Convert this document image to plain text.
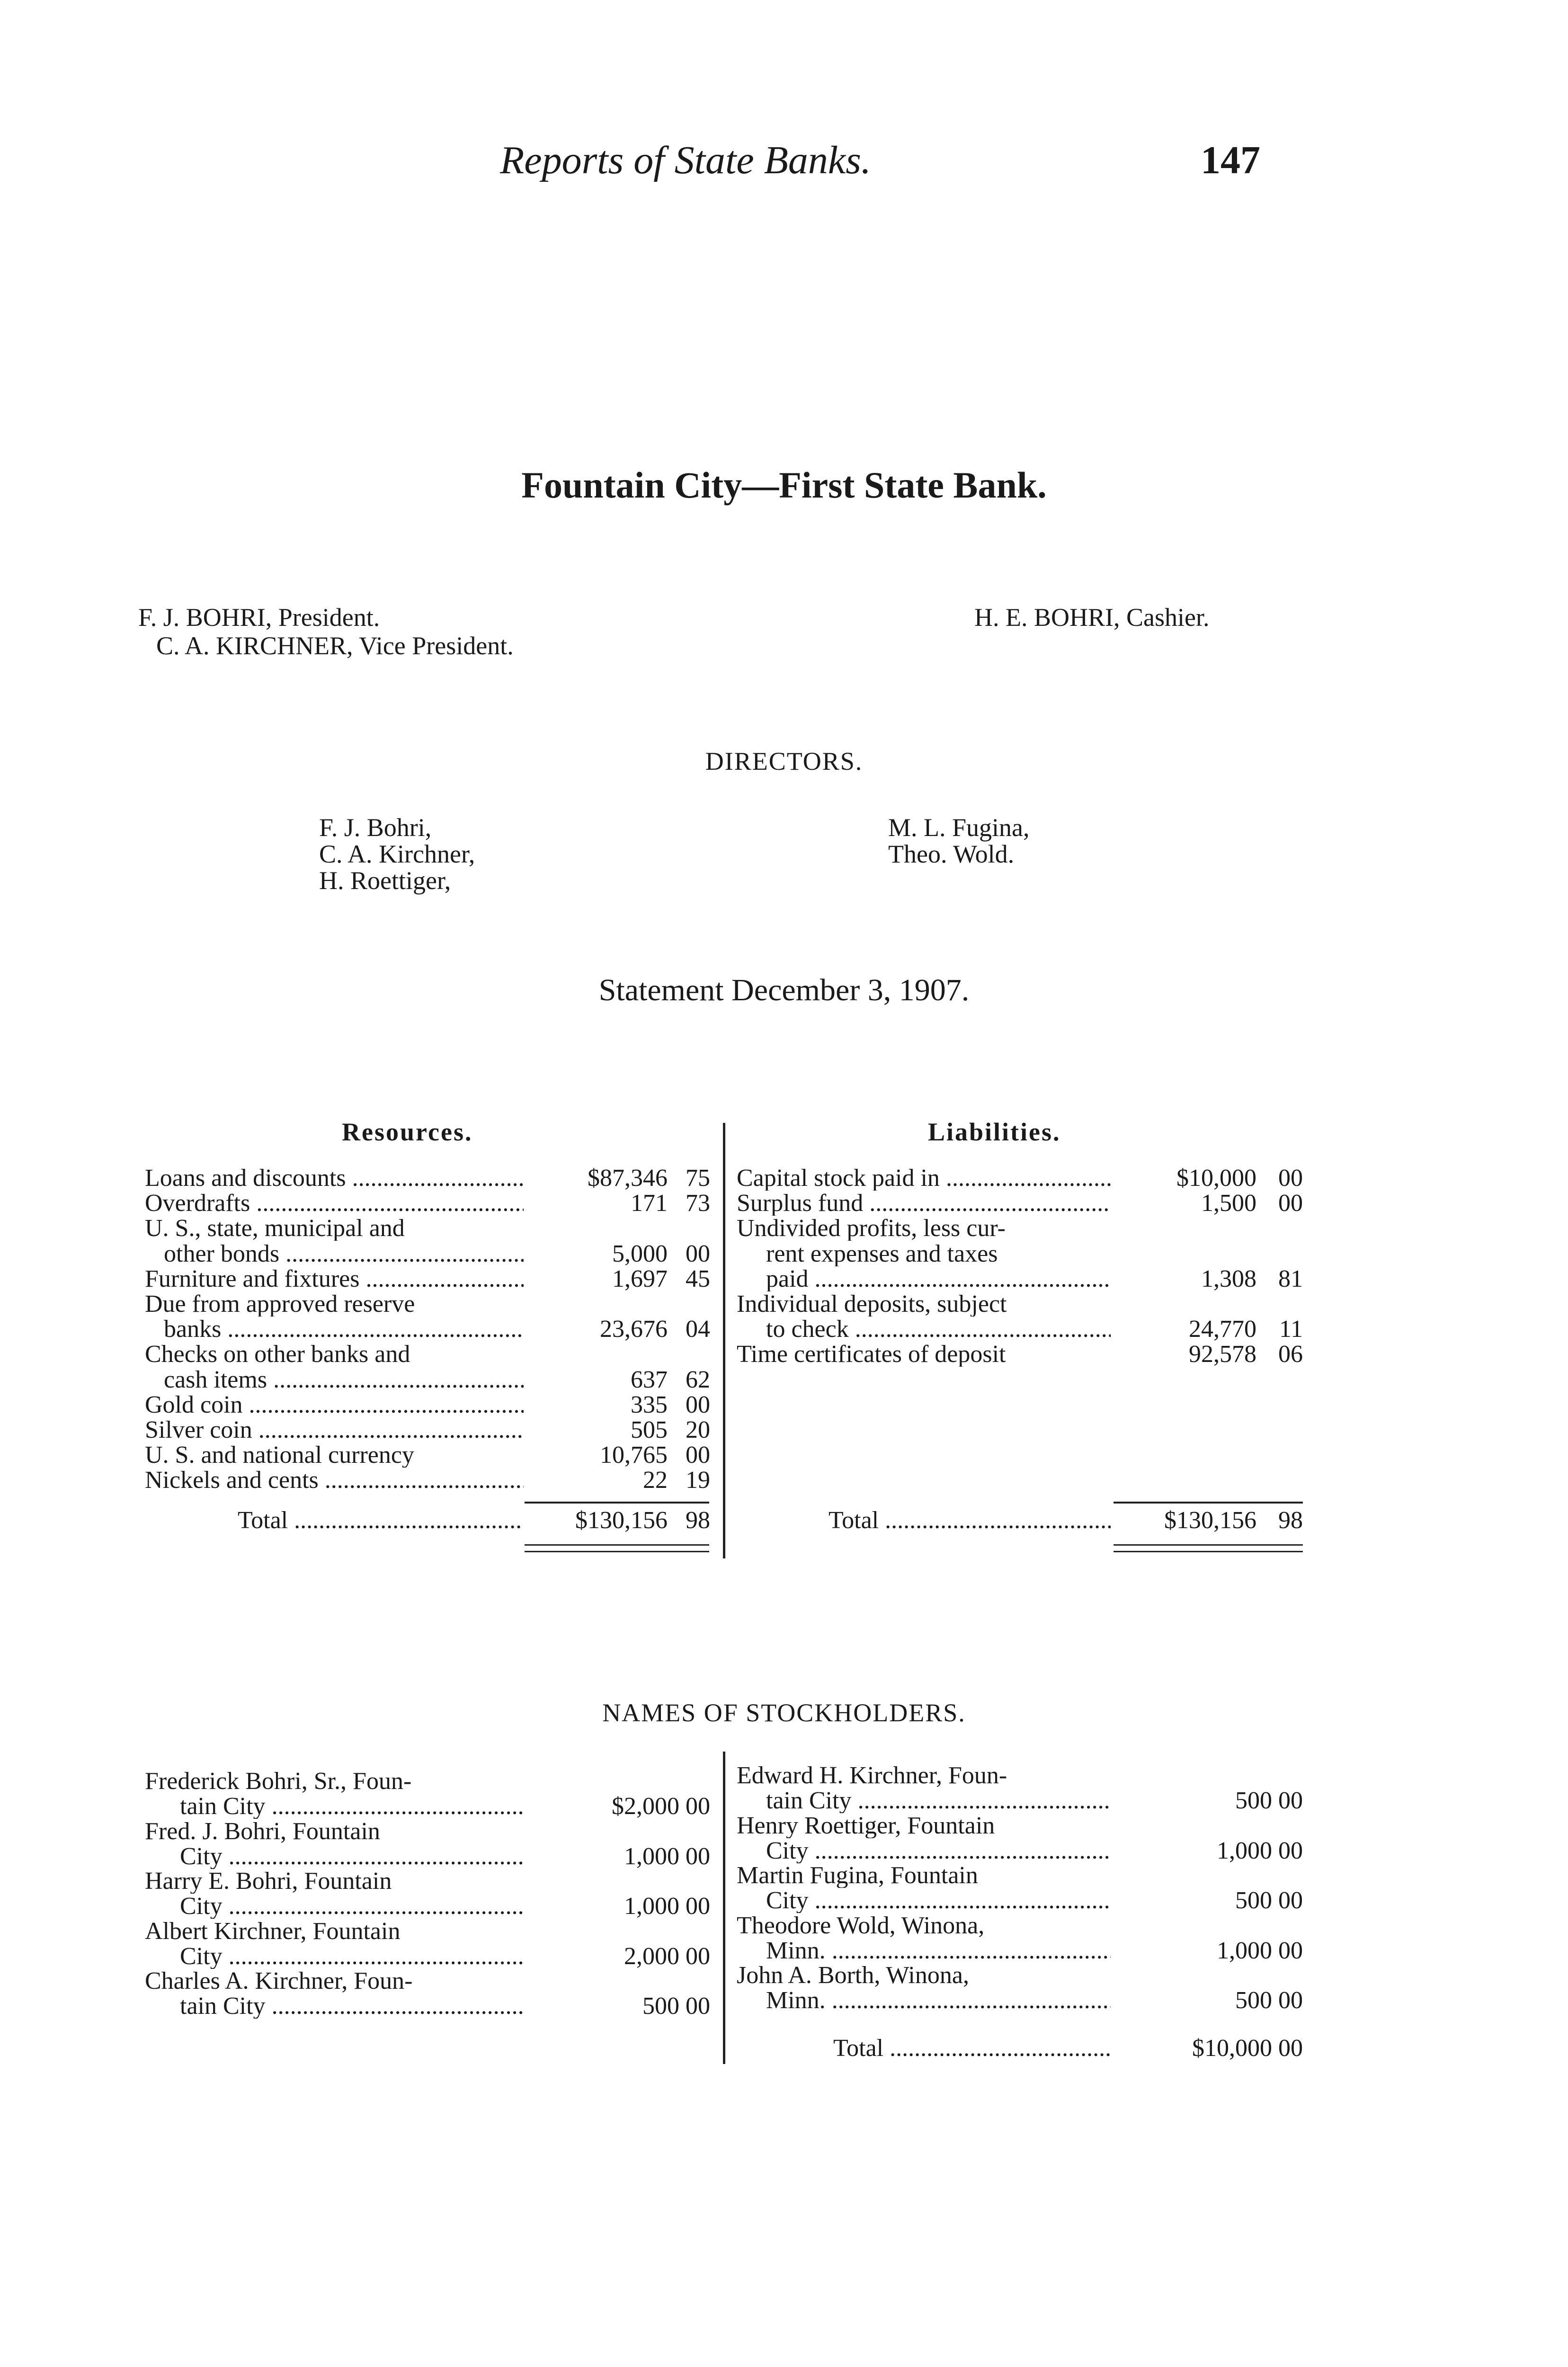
Reports of State Banks.	147
Fountain City—First State Bank.
F. J. BOHRI, President.
C. A. KIRCHNER, Vice President.
H. E. BOHRI, Cashier.
DIRECTORS.
F. J. Bohri,
C. A. Kirchner,
H. Roettiger,
M. L. Fugina,
Theo. Wold.
Statement December 3, 1907.
Resources.	Liabilities.
Loans and discounts .....	$87,346 75
Overdrafts .....	171 73
U. S., state, municipal and
other bonds .....	5,000 00
Furniture and fixtures .....	1,697 45
Due from approved reserve
banks .....	23,676 04
Checks on other banks and
cash items .....	637 62
Gold coin .....	335 00
Silver coin .....	505 20
U. S. and national currency	10,765 00
Nickels and cents .....	22 19
Capital stock paid in .....	$10,000 00
Surplus fund .....	1,500 00
Undivided profits, less cur-
rent expenses and taxes
paid .....	1,308 81
Individual deposits, subject
to check .....	24,770 11
Time certificates of deposit	92,578 06
Total .....	$130,156 98	Total .....	$130,156 98
NAMES OF STOCKHOLDERS.
Frederick Bohri, Sr., Foun-
tain City .....	$2,000 00
Fred. J. Bohri, Fountain
City .....	1,000 00
Harry E. Bohri, Fountain
City .....	1,000 00
Albert Kirchner, Fountain
City .....	2,000 00
Charles A. Kirchner, Foun-
tain City .....	500 00
Edward H. Kirchner, Foun-
tain City .....	500 00
Henry Roettiger, Fountain
City .....	1,000 00
Martin Fugina, Fountain
City .....	500 00
Theodore Wold, Winona,
Minn. .....	1,000 00
John A. Borth, Winona,
Minn. .....	500 00
Total .....	$10,000 00
